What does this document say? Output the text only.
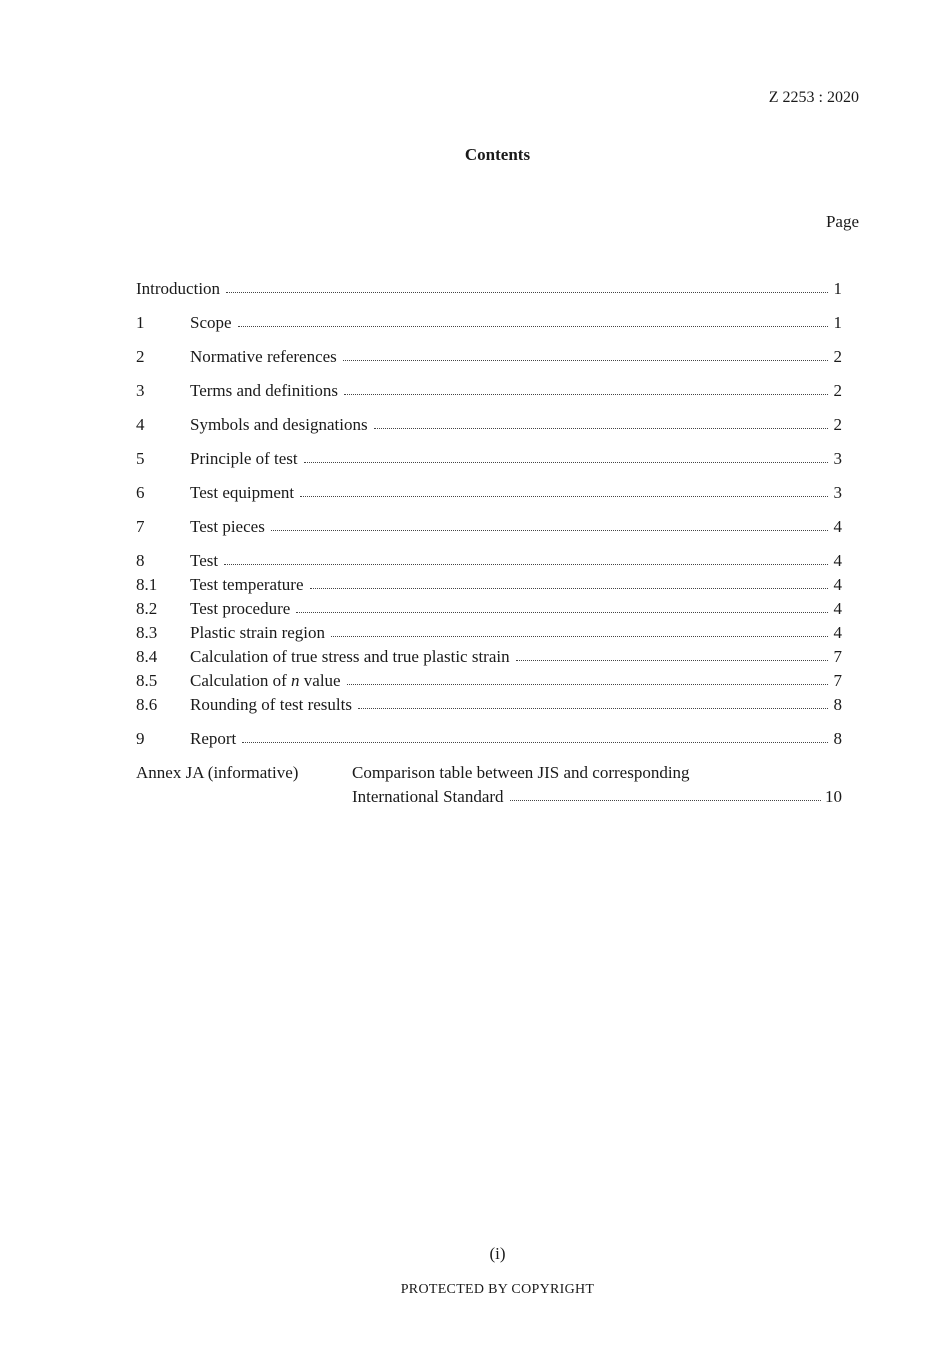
Z 2253 : 2020
Contents
Page
Introduction	1
1	Scope	1
2	Normative references	2
3	Terms and definitions	2
4	Symbols and designations	2
5	Principle of test	3
6	Test equipment	3
7	Test pieces	4
8	Test	4
8.1	Test temperature	4
8.2	Test procedure	4
8.3	Plastic strain region	4
8.4	Calculation of true stress and true plastic strain	7
8.5	Calculation of n value	7
8.6	Rounding of test results	8
9	Report	8
Annex JA (informative)	Comparison table between JIS and corresponding
International Standard	10
(i)
PROTECTED BY COPYRIGHT
